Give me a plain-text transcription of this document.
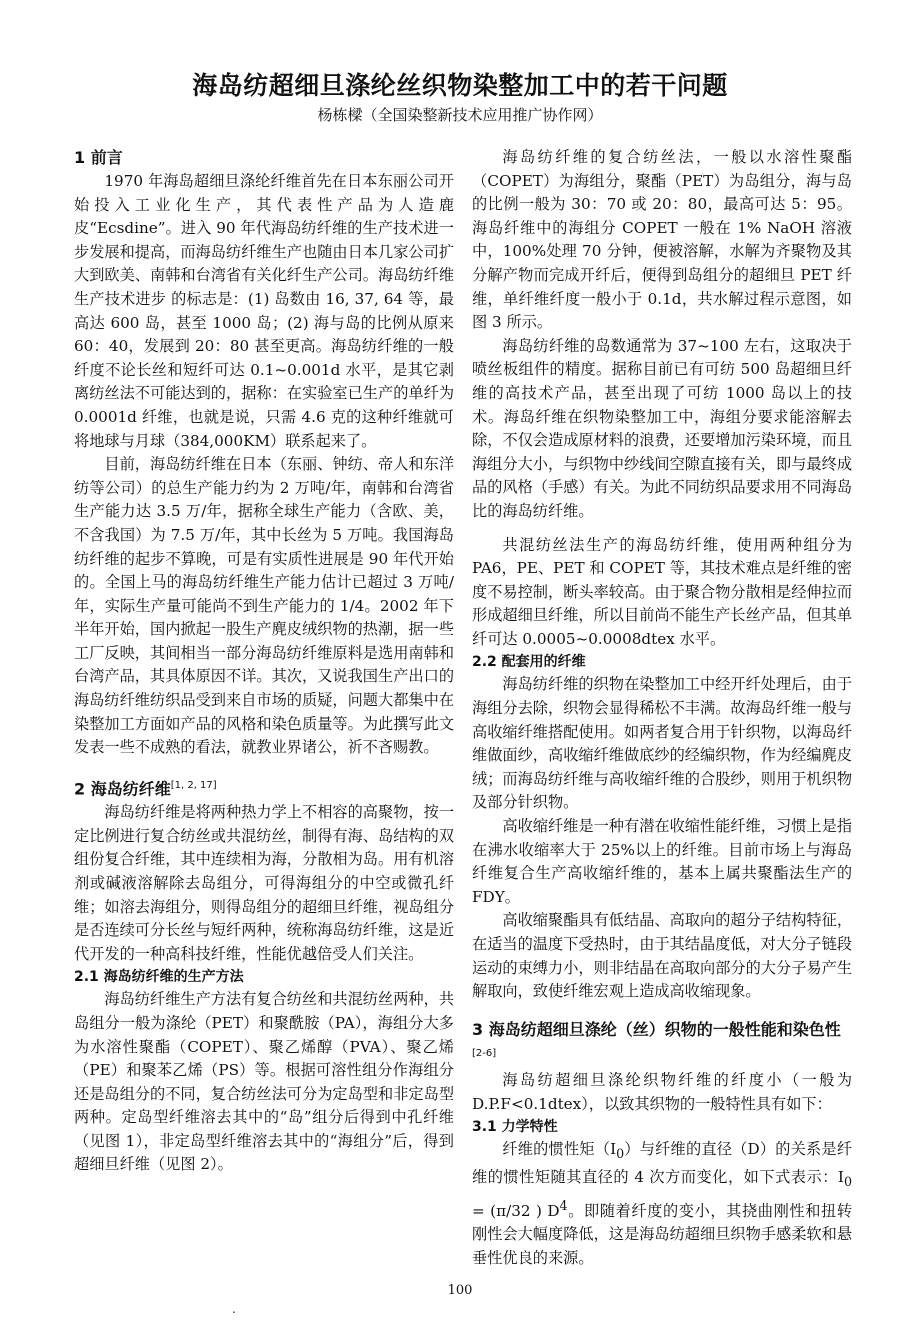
海岛纺超细旦涤纶丝织物染整加工中的若干问题
杨栋樑（全国染整新技术应用推广协作网）
1 前言

1970 年海岛超细旦涤纶纤维首先在日本东丽公司开始投入工业化生产，其代表性产品为人造鹿皮“Ecsdine”。进入 90 年代海岛纺纤维的生产技术进一步发展和提高，而海岛纺纤维生产也随由日本几家公司扩大到欧美、南韩和台湾省有关化纤生产公司。海岛纺纤维生产技术进步 的标志是：(1) 岛数由 16, 37, 64 等，最高达 600 岛，甚至 1000 岛；(2) 海与岛的比例从原来 60：40，发展到 20：80 甚至更高。海岛纺纤维的一般纤度不论长丝和短纤可达 0.1~0.001d 水平，是其它剥离纺丝法不可能达到的，据称：在实验室已生产的单纤为 0.0001d 纤维，也就是说，只需 4.6 克的这种纤维就可将地球与月球（384,000KM）联系起来了。

目前，海岛纺纤维在日本（东丽、钟纺、帝人和东洋纺等公司）的总生产能力约为 2 万吨/年，南韩和台湾省生产能力达 3.5 万/年，据称全球生产能力（含欧、美，不含我国）为 7.5 万/年，其中长丝为 5 万吨。我国海岛纺纤维的起步不算晚，可是有实质性进展是 90 年代开始的。全国上马的海岛纺纤维生产能力估计已超过 3 万吨/年，实际生产量可能尚不到生产能力的 1/4。2002 年下半年开始，国内掀起一股生产麂皮绒织物的热潮，据一些工厂反映，其间相当一部分海岛纺纤维原料是选用南韩和台湾产品，其具体原因不详。其次，又说我国生产出口的海岛纺纤维纺织品受到来自市场的质疑，问题大都集中在染整加工方面如产品的风格和染色质量等。为此撰写此文发表一些不成熟的看法，就教业界诸公，祈不吝赐教。

2 海岛纺纤维[1, 2, 17]

海岛纺纤维是将两种热力学上不相容的高聚物，按一定比例进行复合纺丝或共混纺丝，制得有海、岛结构的双组份复合纤维，其中连续相为海，分散相为岛。用有机溶剂或碱液溶解除去岛组分，可得海组分的中空或微孔纤维；如溶去海组分，则得岛组分的超细旦纤维，视岛组分是否连续可分长丝与短纤两种，统称海岛纺纤维，这是近代开发的一种高科技纤维，性能优越倍受人们关注。

2.1 海岛纺纤维的生产方法

海岛纺纤维生产方法有复合纺丝和共混纺丝两种，共岛组分一般为涤纶（PET）和聚酰胺（PA），海组分大多为水溶性聚酯（COPET）、聚乙烯醇（PVA）、聚乙烯（PE）和聚苯乙烯（PS）等。根据可溶性组分作海组分还是岛组分的不同，复合纺丝法可分为定岛型和非定岛型两种。定岛型纤维溶去其中的“岛”组分后得到中孔纤维（见图 1），非定岛型纤维溶去其中的“海组分”后，得到超细旦纤维（见图 2）。

海岛纺纤维的复合纺丝法，一般以水溶性聚酯（COPET）为海组分，聚酯（PET）为岛组分，海与岛的比例一般为 30：70 或 20：80，最高可达 5：95。海岛纤维中的海组分 COPET 一般在 1% NaOH 溶液中，100%处理 70 分钟，便被溶解，水解为齐聚物及其分解产物而完成开纤后，便得到岛组分的超细旦 PET 纤维，单纤维纤度一般小于 0.1d，共水解过程示意图，如图 3 所示。

海岛纺纤维的岛数通常为 37~100 左右，这取决于喷丝板组件的精度。据称目前已有可纺 500 岛超细旦纤维的高技术产品，甚至出现了可纺 1000 岛以上的技术。海岛纤维在织物染整加工中，海组分要求能溶解去除，不仅会造成原材料的浪费，还要增加污染环境，而且海组分大小，与织物中纱线间空隙直接有关，即与最终成品的风格（手感）有关。为此不同纺织品要求用不同海岛比的海岛纺纤维。

共混纺丝法生产的海岛纺纤维，使用两种组分为 PA6，PE、PET 和 COPET 等，其技术难点是纤维的密度不易控制，断头率较高。由于聚合物分散相是经伸拉而形成超细旦纤维，所以目前尚不能生产长丝产品，但其单纤可达 0.0005~0.0008dtex 水平。

2.2 配套用的纤维

海岛纺纤维的织物在染整加工中经开纤处理后，由于海组分去除，织物会显得稀松不丰满。故海岛纤维一般与高收缩纤维搭配使用。如两者复合用于针织物，以海岛纤维做面纱，高收缩纤维做底纱的经编织物，作为经编麂皮绒；而海岛纺纤维与高收缩纤维的合股纱，则用于机织物及部分针织物。

高收缩纤维是一种有潜在收缩性能纤维，习惯上是指在沸水收缩率大于 25%以上的纤维。目前市场上与海岛纤维复合生产高收缩纤维的，基本上属共聚酯法生产的 FDY。

高收缩聚酯具有低结晶、高取向的超分子结构特征，在适当的温度下受热时，由于其结晶度低，对大分子链段运动的束缚力小，则非结晶在高取向部分的大分子易产生解取向，致使纤维宏观上造成高收缩现象。

3 海岛纺超细旦涤纶（丝）织物的一般性能和染色性[2-6]

海岛纺超细旦涤纶织物纤维的纤度小（一般为 D.P.F<0.1dtex），以致其织物的一般特性具有如下：

3.1 力学特性

纤维的惯性矩$(I_0)$与纤维的直径（D）的关系是纤维的惯性矩随其直径的 4 次方而变化，如下式表示：$I_0 = (\pi/32$ ) $D^4$。即随着纤度的变小，其挠曲刚性和扭转刚性会大幅度降低，这是海岛纺超细旦织物手感柔软和悬垂性优良的来源。

100
.
